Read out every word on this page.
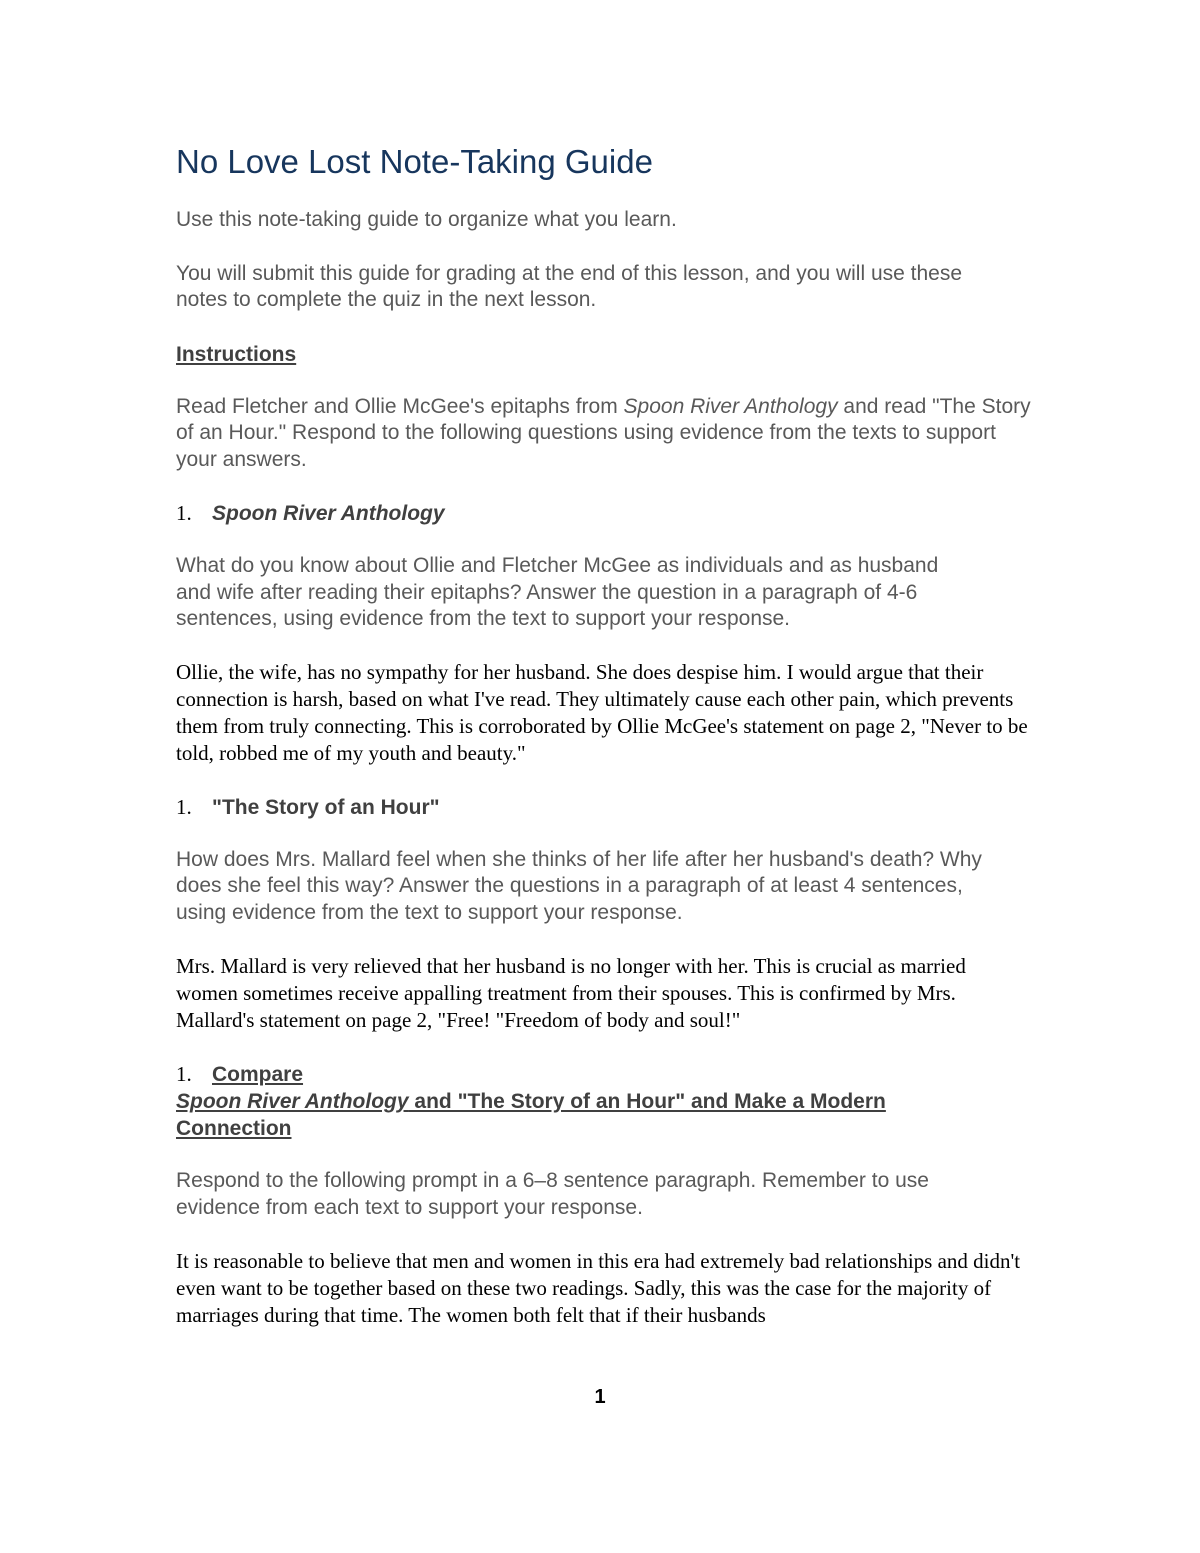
No Love Lost Note-Taking Guide

Use this note-taking guide to organize what you learn.

You will submit this guide for grading at the end of this lesson, and you will use these notes to complete the quiz in the next lesson.

Instructions

Read Fletcher and Ollie McGee's epitaphs from Spoon River Anthology and read "The Story of an Hour." Respond to the following questions using evidence from the texts to support your answers.

1. Spoon River Anthology

What do you know about Ollie and Fletcher McGee as individuals and as husband and wife after reading their epitaphs? Answer the question in a paragraph of 4-6 sentences, using evidence from the text to support your response.

Ollie, the wife, has no sympathy for her husband. She does despise him. I would argue that their connection is harsh, based on what I've read. They ultimately cause each other pain, which prevents them from truly connecting. This is corroborated by Ollie McGee's statement on page 2, "Never to be told, robbed me of my youth and beauty."

1. "The Story of an Hour"

How does Mrs. Mallard feel when she thinks of her life after her husband's death? Why does she feel this way? Answer the questions in a paragraph of at least 4 sentences, using evidence from the text to support your response.

Mrs. Mallard is very relieved that her husband is no longer with her. This is crucial as married women sometimes receive appalling treatment from their spouses. This is confirmed by Mrs. Mallard's statement on page 2, "Free! "Freedom of body and soul!"

1. Compare

Spoon River Anthology and "The Story of an Hour" and Make a Modern Connection

Respond to the following prompt in a 6–8 sentence paragraph. Remember to use evidence from each text to support your response.

It is reasonable to believe that men and women in this era had extremely bad relationships and didn't even want to be together based on these two readings. Sadly, this was the case for the majority of marriages during that time. The women both felt that if their husbands

1
